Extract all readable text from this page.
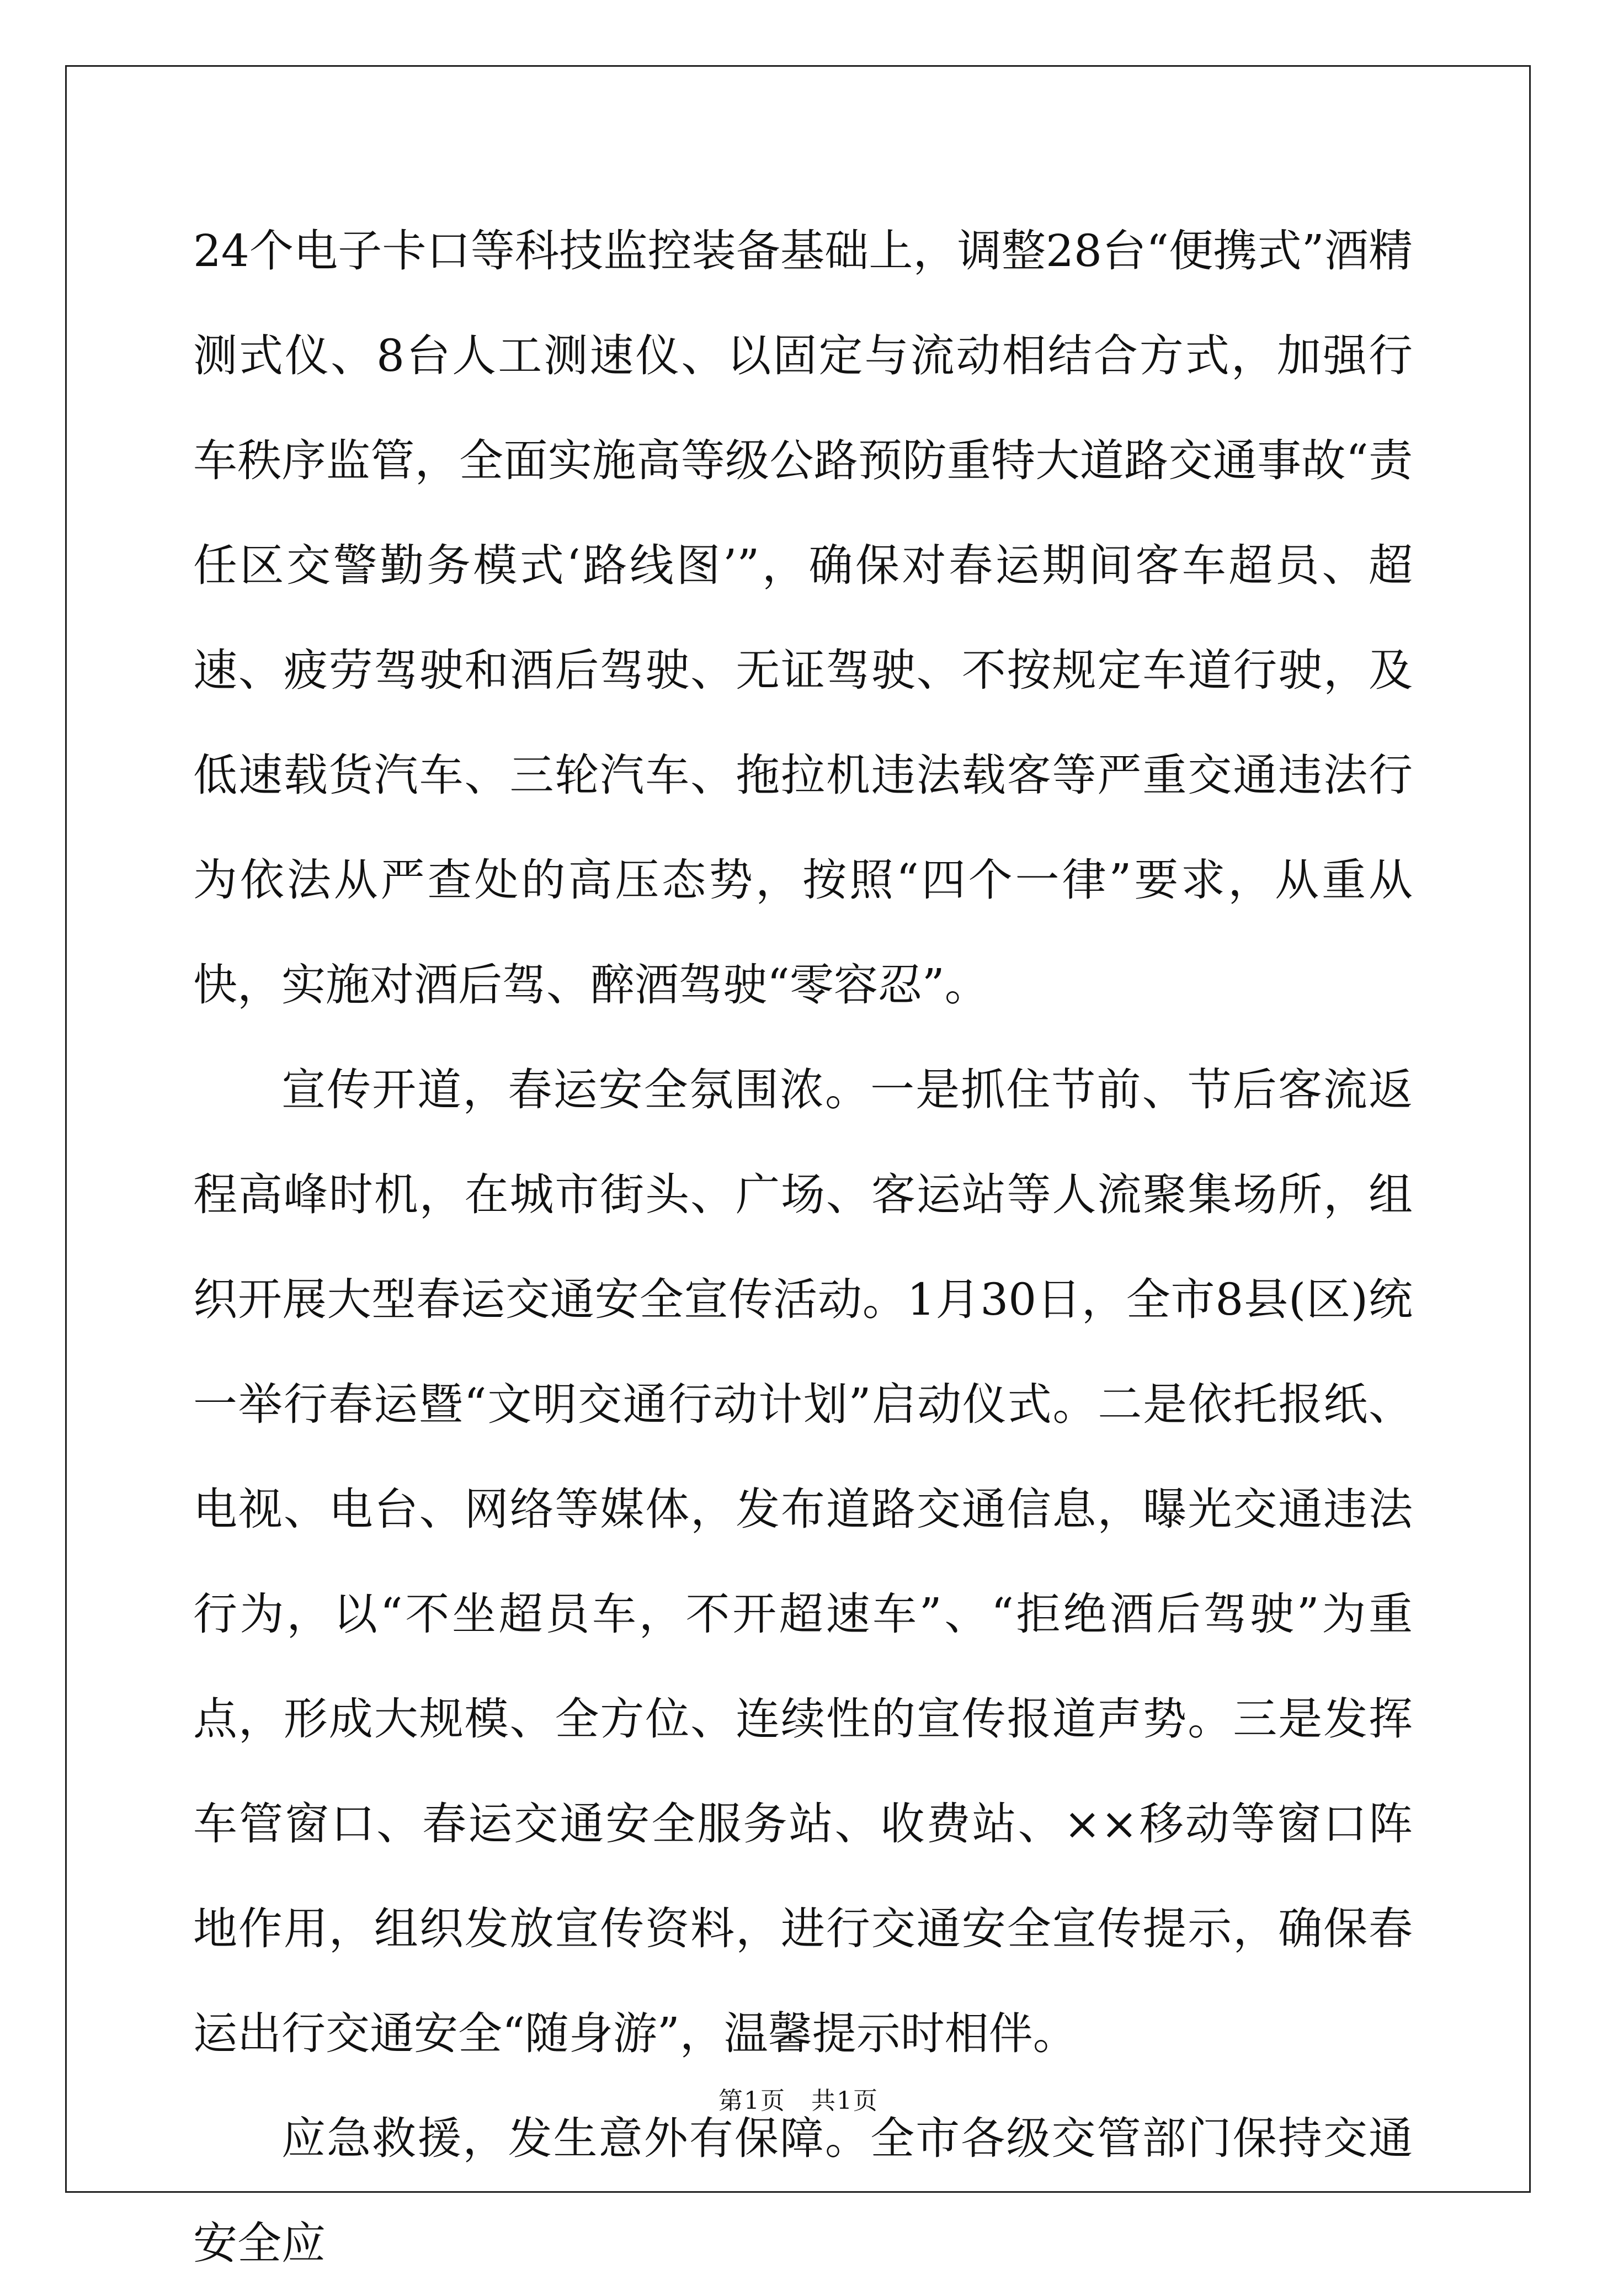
24个电子卡口等科技监控装备基础上，调整28台“便携式”酒精测式仪、8台人工测速仪、以固定与流动相结合方式，加强行车秩序监管，全面实施高等级公路预防重特大道路交通事故“责任区交警勤务模式‘路线图’”，确保对春运期间客车超员、超速、疲劳驾驶和酒后驾驶、无证驾驶、不按规定车道行驶，及低速载货汽车、三轮汽车、拖拉机违法载客等严重交通违法行为依法从严查处的高压态势，按照“四个一律”要求，从重从快，实施对酒后驾、醉酒驾驶“零容忍”。

宣传开道，春运安全氛围浓。一是抓住节前、节后客流返程高峰时机，在城市街头、广场、客运站等人流聚集场所，组织开展大型春运交通安全宣传活动。1月30日，全市8县(区)统一举行春运暨“文明交通行动计划”启动仪式。二是依托报纸、电视、电台、网络等媒体，发布道路交通信息，曝光交通违法行为，以“不坐超员车，不开超速车”、“拒绝酒后驾驶”为重点，形成大规模、全方位、连续性的宣传报道声势。三是发挥车管窗口、春运交通安全服务站、收费站、××移动等窗口阵地作用，组织发放宣传资料，进行交通安全宣传提示，确保春运出行交通安全“随身游”，温馨提示时相伴。

应急救援，发生意外有保障。全市各级交管部门保持交通安全应

第1页　共1页
